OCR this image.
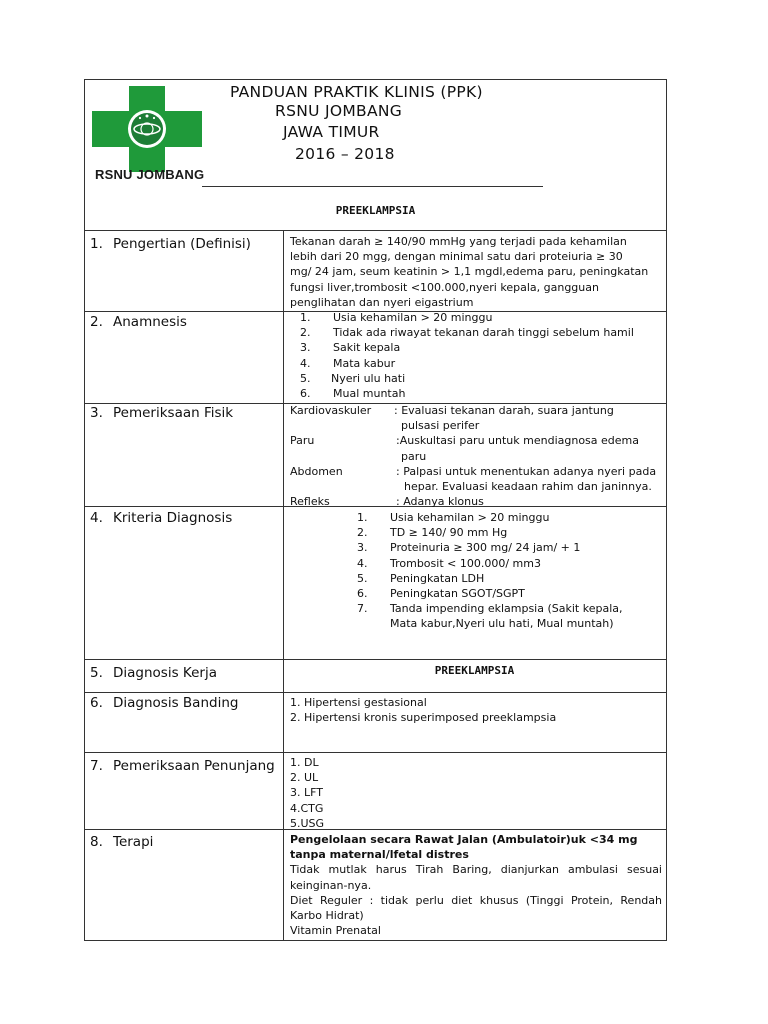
RSNU JOMBANG
PANDUAN PRAKTIK KLINIS (PPK)
RSNU JOMBANG
JAWA TIMUR
2016 – 2018
PREEKLAMPSIA
1. Pengertian (Definisi)	Tekanan darah ≥ 140/90 mmHg yang terjadi pada kehamilan

lebih dari 20 mgg, dengan minimal satu dari proteiuria ≥ 30

mg/ 24 jam, seum keatinin > 1,1 mgdl,edema paru, peningkatan

fungsi liver,trombosit <100.000,nyeri kepala, gangguan

penglihatan dan nyeri eigastrium

2. Anamnesis	1. Usia kehamilan > 20 minggu
2. Tidak ada riwayat tekanan darah tinggi sebelum hamil
3. Sakit kepala
4. Mata kabur
5. Nyeri ulu hati
6. Mual muntah
3. Pemeriksaan Fisik	Kardiovaskuler : Evaluasi tekanan darah, suara jantung
pulsasi perifer
Paru	:Auskultasi paru untuk mendiagnosa edema
paru
Abdomen	: Palpasi untuk menentukan adanya nyeri pada
hepar. Evaluasi keadaan rahim dan janinnya.
Refleks	: Adanya klonus
4. Kriteria Diagnosis	1. Usia kehamilan > 20 minggu
2. TD ≥ 140/ 90 mm Hg
3. Proteinuria ≥ 300 mg/ 24 jam/ + 1
4. Trombosit < 100.000/ mm3
5. Peningkatan LDH
6. Peningkatan SGOT/SGPT
7. Tanda impending eklampsia (Sakit kepala,
Mata kabur,Nyeri ulu hati, Mual muntah)
5. Diagnosis Kerja	PREEKLAMPSIA
6. Diagnosis Banding	1. Hipertensi gestasional

2. Hipertensi kronis superimposed preeklampsia

7. Pemeriksaan Penunjang 1. DL

2. UL

3. LFT

4.CTG

5.USG

8. Terapi	Pengelolaan secara Rawat Jalan (Ambulatoir)uk <34 mg

tanpa maternal/lfetal distres

Tidak mutlak harus Tirah Baring, dianjurkan ambulasi sesuai keinginan-nya.

Diet Reguler : tidak perlu diet khusus (Tinggi Protein, Rendah Karbo Hidrat)

Vitamin Prenatal
